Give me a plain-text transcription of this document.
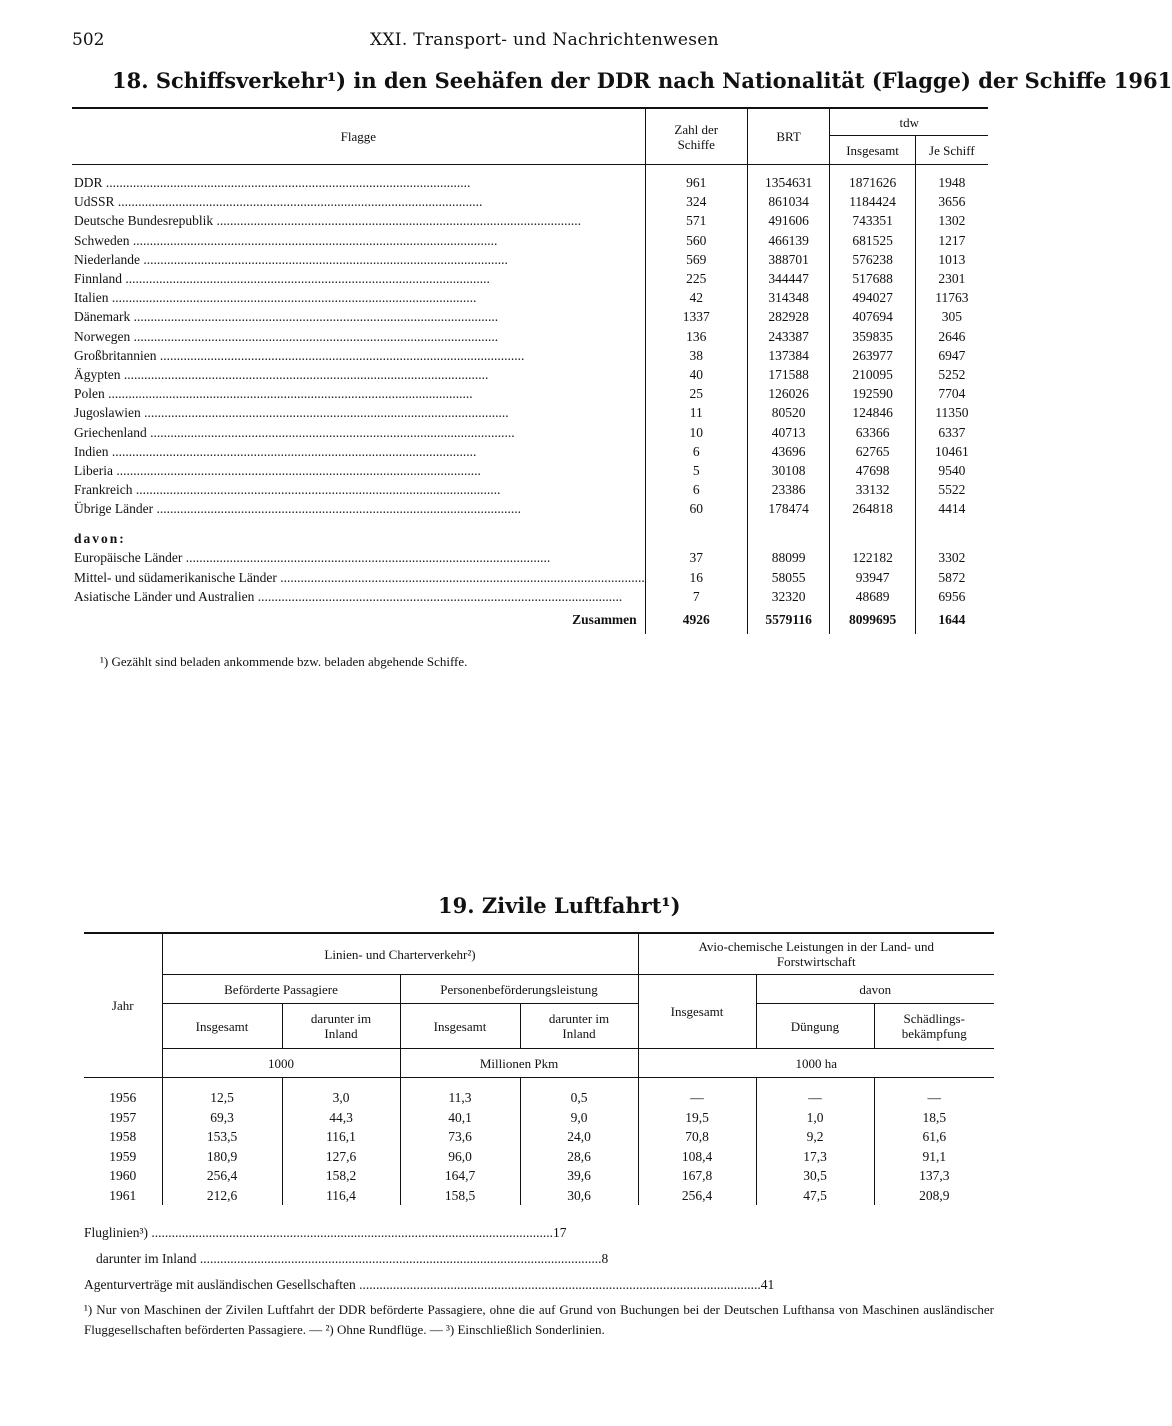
502	XXI. Transport- und Nachrichtenwesen
18. Schiffsverkehr¹) in den Seehäfen der DDR nach Nationalität (Flagge) der Schiffe 1961
Flagge	Zahl der Schiffe	BRT	tdw	
			Insgesamt	Je Schiff

DDR .....	961	1354631	1871626	1948

UdSSR .....	324	861034	1184424	3656

Deutsche Bundesrepublik .....	571	491606	743351	1302

Schweden .....	560	466139	681525	1217

Niederlande .....	569	388701	576238	1013

Finnland .....	225	344447	517688	2301

Italien .....	42	314348	494027	11763

Dänemark .....	1337	282928	407694	305

Norwegen .....	136	243387	359835	2646

Großbritannien .....	38	137384	263977	6947

Ägypten .....	40	171588	210095	5252

Polen .....	25	126026	192590	7704

Jugoslawien .....	11	80520	124846	11350

Griechenland .....	10	40713	63366	6337

Indien .....	6	43696	62765	10461

Liberia .....	5	30108	47698	9540

Frankreich .....	6	23386	33132	5522

Übrige Länder .....	60	178474	264818	4414
davon:				

Europäische Länder .....	37	88099	122182	3302

Mittel- und südamerikanische Länder .....	16	58055	93947	5872

Asiatische Länder und Australien .....	7	32320	48689	6956
Zusammen	4926	5579116	8099695	1644
¹) Gezählt sind beladen ankommende bzw. beladen abgehende Schiffe.
19. Zivile Luftfahrt¹)
Jahr	Linien- und Charterverkehr²)				Avio-chemische Leistungen in der Land- und Forstwirtschaft		
	Beförderte Passagiere		Personenbeförderungsleistung		Insgesamt	davon	
	Insgesamt	darunter im Inland	Insgesamt	darunter im Inland		Düngung	Schädlings-bekämpfung
	1000		Millionen Pkm		1000 ha		
1956	12,5	3,0	11,3	0,5	—	—	—
1957	69,3	44,3	40,1	9,0	19,5	1,0	18,5
1958	153,5	116,1	73,6	24,0	70,8	9,2	61,6
1959	180,9	127,6	96,0	28,6	108,4	17,3	91,1
1960	256,4	158,2	164,7	39,6	167,8	30,5	137,3
1961	212,6	116,4	158,5	30,6	256,4	47,5	208,9
Fluglinien³) .....	17
darunter im Inland .....	8
Agenturverträge mit ausländischen Gesellschaften .....	41
¹) Nur von Maschinen der Zivilen Luftfahrt der DDR beförderte Passagiere, ohne die auf Grund von Buchungen bei der Deutschen Lufthansa von Maschinen ausländischer Fluggesellschaften beförderten Passagiere. — ²) Ohne Rundflüge. — ³) Einschließlich Sonderlinien.
